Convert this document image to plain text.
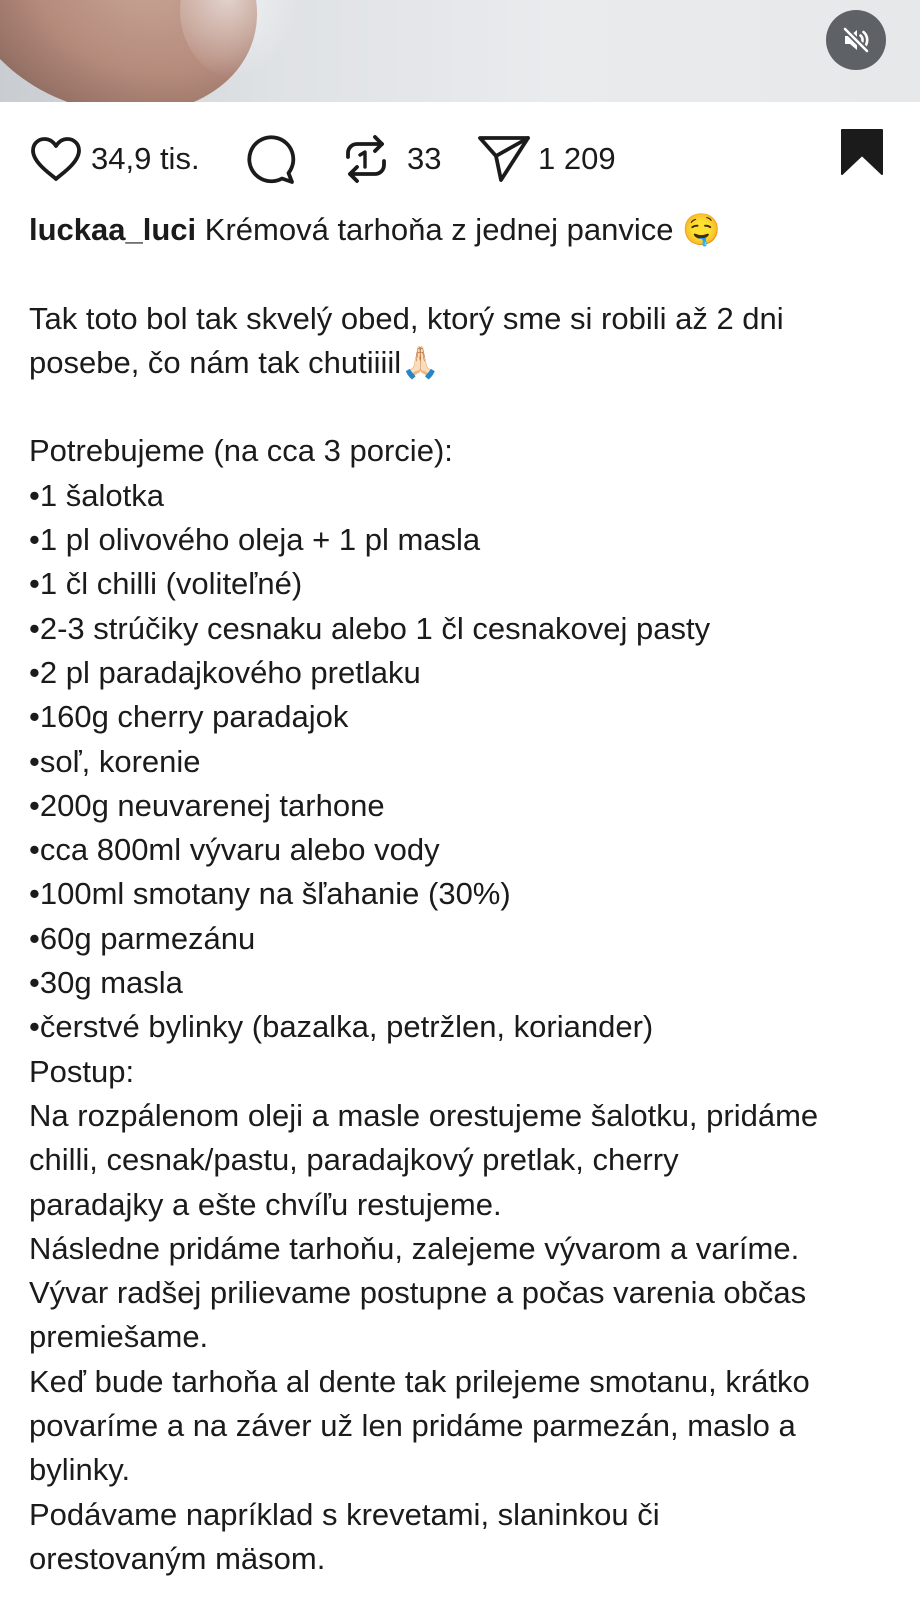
34,9 tis.	33	1 209

luckaa_luci Krémová tarhoňa z jednej panvice 🤤

Tak toto bol tak skvelý obed, ktorý sme si robili až 2 dni

posebe, čo nám tak chutiiiil🙏🏻

Potrebujeme (na cca 3 porcie):

•1 šalotka

•1 pl olivového oleja + 1 pl masla

•1 čl chilli (voliteľné)

•2-3 strúčiky cesnaku alebo 1 čl cesnakovej pasty

•2 pl paradajkového pretlaku

•160g cherry paradajok

•soľ, korenie

•200g neuvarenej tarhone

•cca 800ml vývaru alebo vody

•100ml smotany na šľahanie (30%)

•60g parmezánu

•30g masla

•čerstvé bylinky (bazalka, petržlen, koriander)

Postup:

Na rozpálenom oleji a masle orestujeme šalotku, pridáme

chilli, cesnak/pastu, paradajkový pretlak, cherry

paradajky a ešte chvíľu restujeme.

Následne pridáme tarhoňu, zalejeme vývarom a varíme.

Vývar radšej prilievame postupne a počas varenia občas

premiešame.

Keď bude tarhoňa al dente tak prilejeme smotanu, krátko

povaríme a na záver už len pridáme parmezán, maslo a

bylinky.

Podávame napríklad s krevetami, slaninkou či

orestovaným mäsom.
